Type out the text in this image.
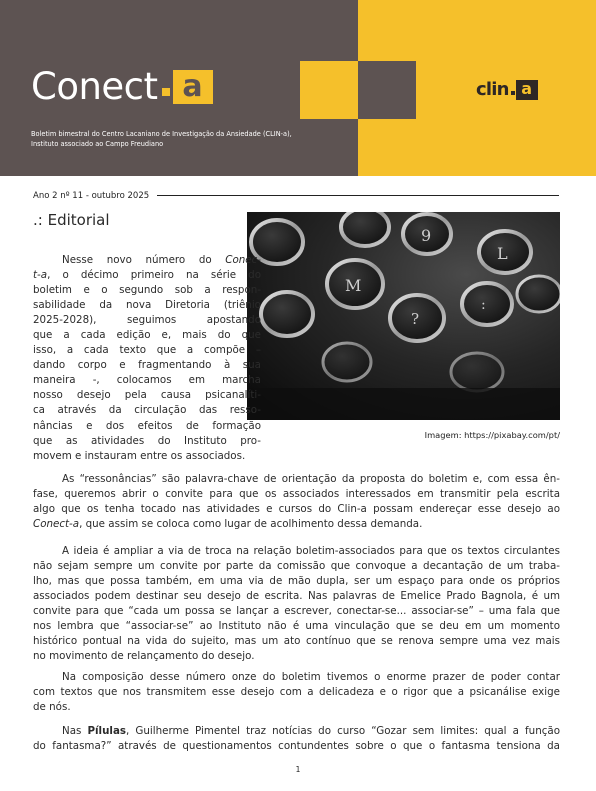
Conect a
Boletim bimestral do Centro Lacaniano de Investigação da Ansiedade (CLIN-a),
Instituto associado ao Campo Freudiano
clin a
Ano 2 nº 11 - outubro 2025
.: Editorial
9
L
M
?
:
Imagem: https://pixabay.com/pt/
Nesse novo número do Conec-
t-a, o décimo primeiro na série do
boletim e o segundo sob a respon-
sabilidade da nova Diretoria (triênio
2025-2028), seguimos apostando
que a cada edição e, mais do que
isso, a cada texto que a compõe –
dando corpo e fragmentando à sua
maneira -, colocamos em marcha
nosso desejo pela causa psicanalíti-
ca através da circulação das resso-
nâncias e dos efeitos de formação
que as atividades do Instituto pro-
movem e instauram entre os associados.
1
As “ressonâncias” são palavra-chave de orientação da proposta do boletim e, com essa ên-
fase, queremos abrir o convite para que os associados interessados em transmitir pela escrita
algo que os tenha tocado nas atividades e cursos do Clin-a possam endereçar esse desejo ao
Conect-a, que assim se coloca como lugar de acolhimento dessa demanda.
A ideia é ampliar a via de troca na relação boletim-associados para que os textos circulantes
não sejam sempre um convite por parte da comissão que convoque a decantação de um traba-
lho, mas que possa também, em uma via de mão dupla, ser um espaço para onde os próprios
associados podem destinar seu desejo de escrita. Nas palavras de Emelice Prado Bagnola, é um
convite para que “cada um possa se lançar a escrever, conectar-se... associar-se” – uma fala que
nos lembra que “associar-se” ao Instituto não é uma vinculação que se deu em um momento
histórico pontual na vida do sujeito, mas um ato contínuo que se renova sempre uma vez mais
no movimento de relançamento do desejo.
Na composição desse número onze do boletim tivemos o enorme prazer de poder contar
com textos que nos transmitem esse desejo com a delicadeza e o rigor que a psicanálise exige
de nós.
Nas Pílulas, Guilherme Pimentel traz notícias do curso “Gozar sem limites: qual a função
do fantasma?” através de questionamentos contundentes sobre o que o fantasma tensiona da
